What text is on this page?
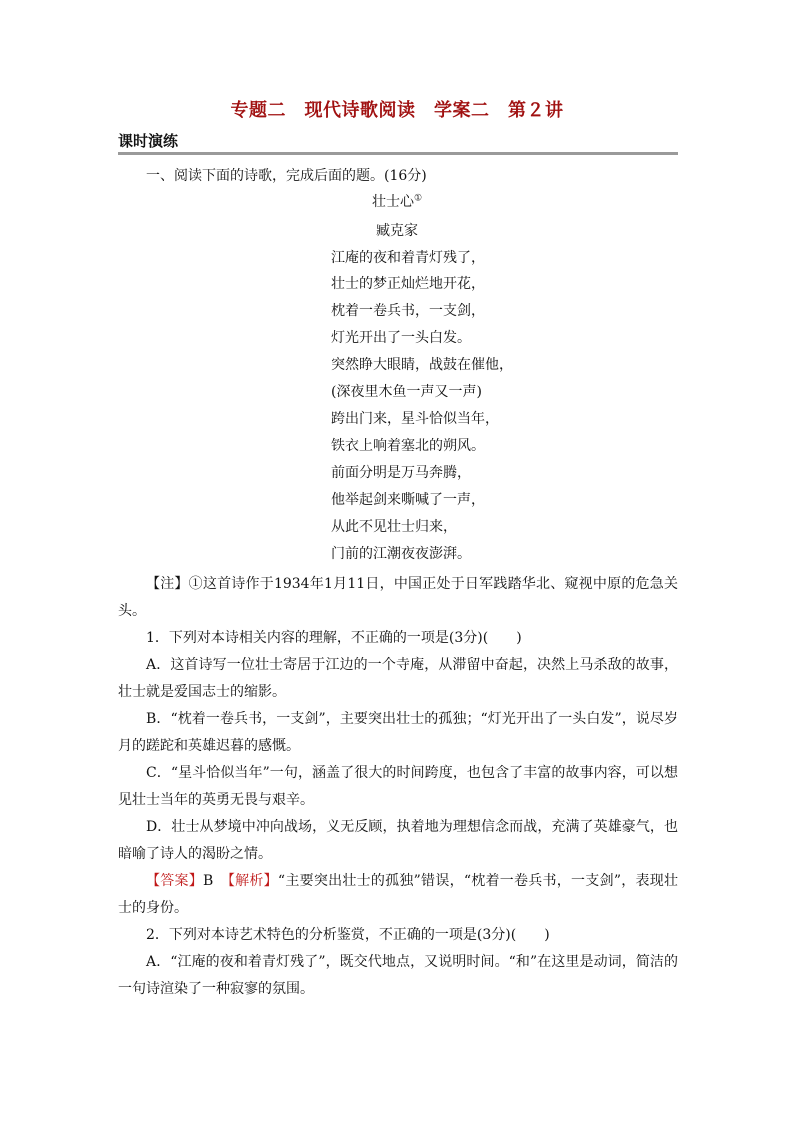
专题二　现代诗歌阅读　学案二　第２讲
课时演练
一、阅读下面的诗歌，完成后面的题。(16分)
壮士心①
臧克家
江庵的夜和着青灯残了，
壮士的梦正灿烂地开花，
枕着一卷兵书，一支剑，
灯光开出了一头白发。
突然睁大眼睛，战鼓在催他，
(深夜里木鱼一声又一声)
跨出门来，星斗恰似当年，
铁衣上响着塞北的朔风。
前面分明是万马奔腾，
他举起剑来嘶喊了一声，
从此不见壮士归来，
门前的江潮夜夜澎湃。
【注】①这首诗作于1934年1月11日，中国正处于日军践踏华北、窥视中原的危急关头。
1．下列对本诗相关内容的理解，不正确的一项是(3分)(　　)
A．这首诗写一位壮士寄居于江边的一个寺庵，从滞留中奋起，决然上马杀敌的故事，壮士就是爱国志士的缩影。
B．“枕着一卷兵书，一支剑”，主要突出壮士的孤独；“灯光开出了一头白发”，说尽岁月的蹉跎和英雄迟暮的感慨。
C．“星斗恰似当年”一句，涵盖了很大的时间跨度，也包含了丰富的故事内容，可以想见壮士当年的英勇无畏与艰辛。
D．壮士从梦境中冲向战场，义无反顾，执着地为理想信念而战，充满了英雄豪气，也暗喻了诗人的渴盼之情。
【答案】B　【解析】“主要突出壮士的孤独”错误，“枕着一卷兵书，一支剑”，表现壮士的身份。
2．下列对本诗艺术特色的分析鉴赏，不正确的一项是(3分)(　　)
A．“江庵的夜和着青灯残了”，既交代地点，又说明时间。“和”在这里是动词，简洁的一句诗渲染了一种寂寥的氛围。
